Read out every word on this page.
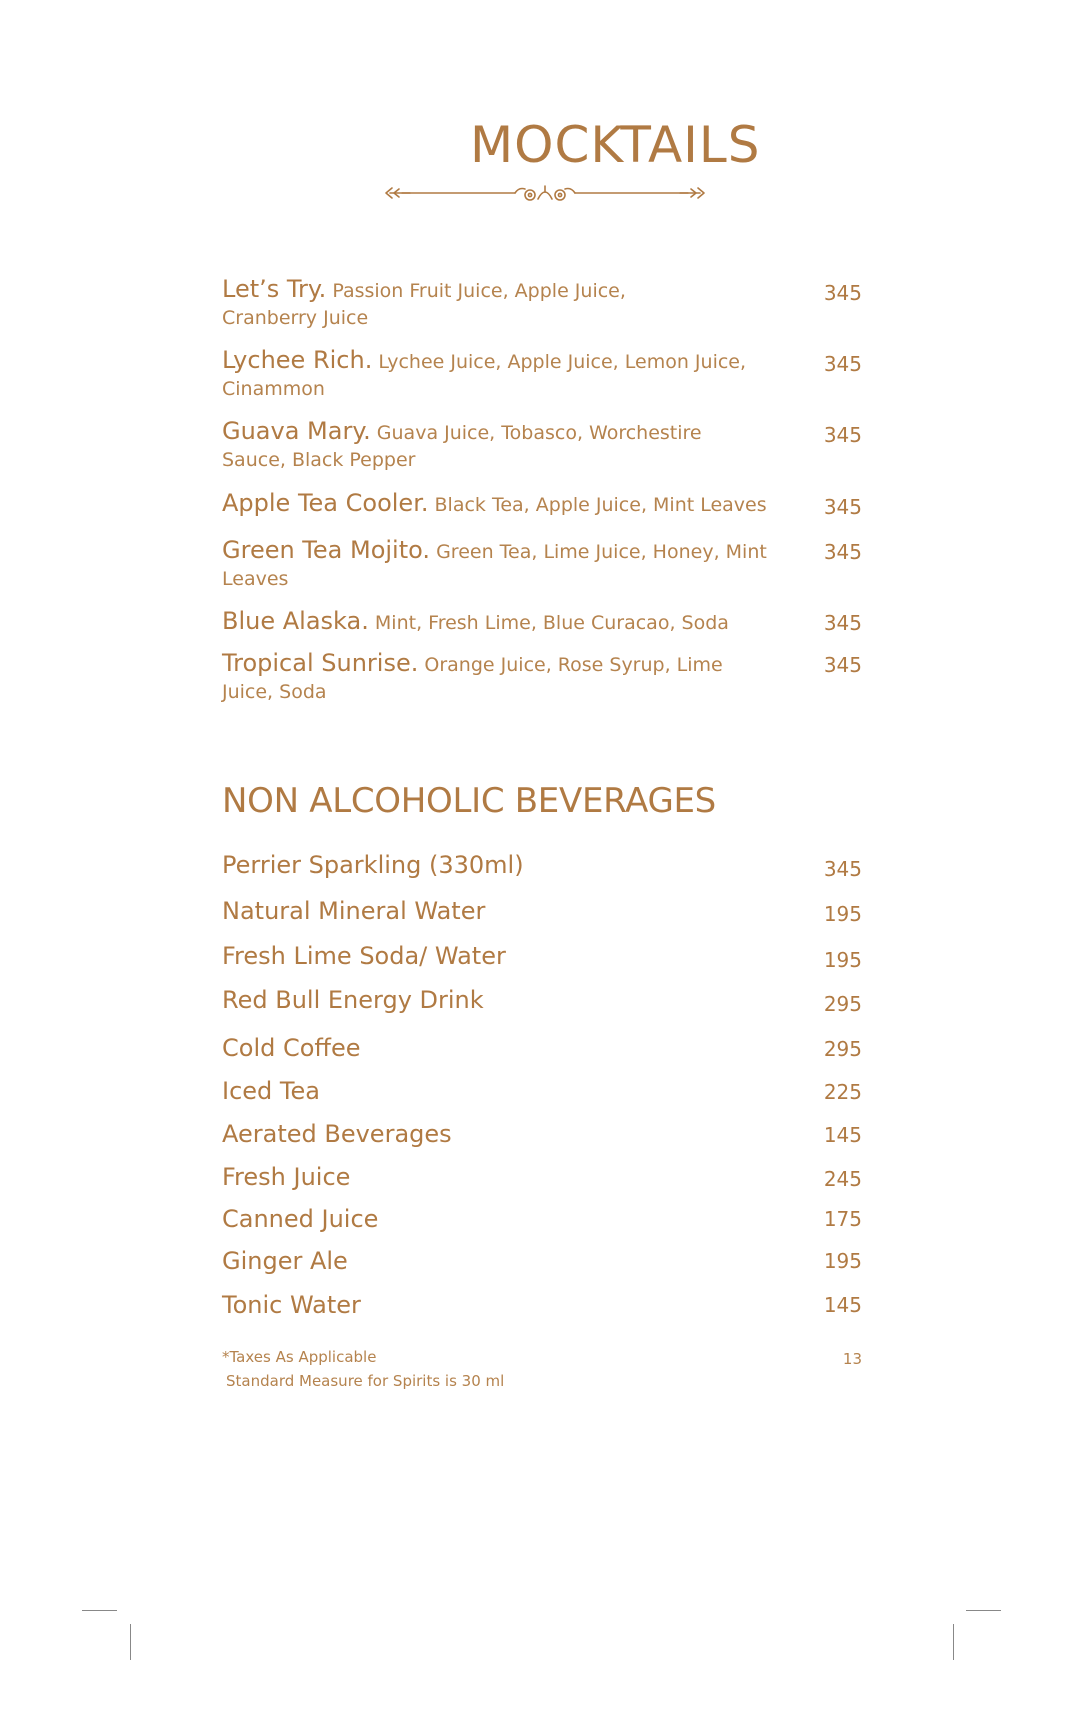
MOCKTAILS
Let’s Try. Passion Fruit Juice, Apple Juice,
Cranberry Juice
345
Lychee Rich. Lychee Juice, Apple Juice, Lemon Juice,
Cinammon
345
Guava Mary. Guava Juice, Tobasco, Worchestire
Sauce, Black Pepper
345
Apple Tea Cooler. Black Tea, Apple Juice, Mint Leaves	345
Green Tea Mojito. Green Tea, Lime Juice, Honey, Mint
Leaves
345
Blue Alaska. Mint, Fresh Lime, Blue Curacao, Soda	345
Tropical Sunrise. Orange Juice, Rose Syrup, Lime
Juice, Soda
345
NON ALCOHOLIC BEVERAGES
Perrier Sparkling (330ml)	345
Natural Mineral Water	195
Fresh Lime Soda/ Water	195
Red Bull Energy Drink	295
Cold Coffee	295
Iced Tea	225
Aerated Beverages	145
Fresh Juice	245
Canned Juice	175
Ginger Ale	195
Tonic Water	145
*Taxes As Applicable
Standard Measure for Spirits is 30 ml
13
